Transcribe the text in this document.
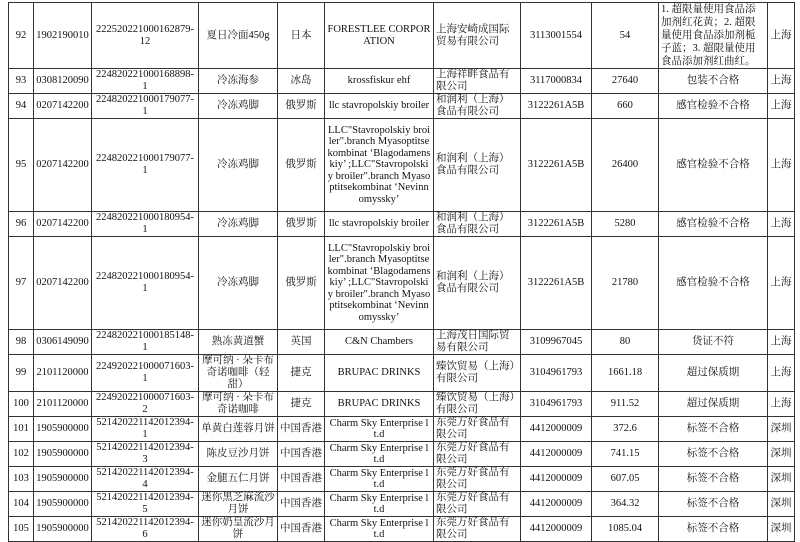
92	1902190010	222520221000162879-12	夏日冷面450g	日本	FORESTLEE CORPORATION	上海安崎成国际贸易有限公司	3113001554	54	1. 超限量使用食品添加剂红花黄；2. 超限量使用食品添加剂栀子蓝；3. 超限量使用食品添加剂红曲红。	上海
93	0308120090	224820221000168898-1	冷冻海参	冰岛	krossfiskur ehf	上海祥畔食品有限公司	3117000834	27640	包装不合格	上海
94	0207142200	224820221000179077-1	冷冻鸡脚	俄罗斯	llc stavropolskiy broiler	和润利（上海）食品有限公司	3122261A5B	660	感官检验不合格	上海
95	0207142200	224820221000179077-1	冷冻鸡脚	俄罗斯	LLC"Stavropolskiy broiler".branch Myasoptitsekombinat ‘Blagodamenskiy’ ;LLC"Stavropolskiy broiler".branch Myasoptitsekombinat ‘Nevinnomyssky’	和润利（上海）食品有限公司	3122261A5B	26400	感官检验不合格	上海
96	0207142200	224820221000180954-1	冷冻鸡脚	俄罗斯	llc stavropolskiy broiler	和润利（上海）食品有限公司	3122261A5B	5280	感官检验不合格	上海
97	0207142200	224820221000180954-1	冷冻鸡脚	俄罗斯	LLC"Stavropolskiy broiler".branch Myasoptitsekombinat ‘Blagodamenskiy’ ;LLC"Stavropolskiy broiler".branch Myasoptitsekombinat ‘Nevinnomyssky’	和润利（上海）食品有限公司	3122261A5B	21780	感官检验不合格	上海
98	0306149090	224820221000185148-1	熟冻黄道蟹	英国	C&N Chambers	上海茂日国际贸易有限公司	3109967045	80	货证不符	上海
99	2101120000	224920221000071603-1	摩可纳 · 朵卡布奇诺咖啡（轻甜）	捷克	BRUPAC DRINKS	臻饮贸易（上海）有限公司	3104961793	1661.18	超过保质期	上海
100	2101120000	224920221000071603-2	摩可纳 · 朵卡布奇诺咖啡	捷克	BRUPAC DRINKS	臻饮贸易（上海）有限公司	3104961793	911.52	超过保质期	上海
101	1905900000	521420221142012394-1	单黄白莲蓉月饼	中国香港	Charm Sky Enterprise lt.d	东莞万好食品有限公司	4412000009	372.6	标签不合格	深圳
102	1905900000	521420221142012394-3	陈皮豆沙月饼	中国香港	Charm Sky Enterprise lt.d	东莞万好食品有限公司	4412000009	741.15	标签不合格	深圳
103	1905900000	521420221142012394-4	金腿五仁月饼	中国香港	Charm Sky Enterprise lt.d	东莞万好食品有限公司	4412000009	607.05	标签不合格	深圳
104	1905900000	521420221142012394-5	迷你黑芝麻流沙月饼	中国香港	Charm Sky Enterprise lt.d	东莞万好食品有限公司	4412000009	364.32	标签不合格	深圳
105	1905900000	521420221142012394-6	迷你奶皇流沙月饼	中国香港	Charm Sky Enterprise lt.d	东莞万好食品有限公司	4412000009	1085.04	标签不合格	深圳
